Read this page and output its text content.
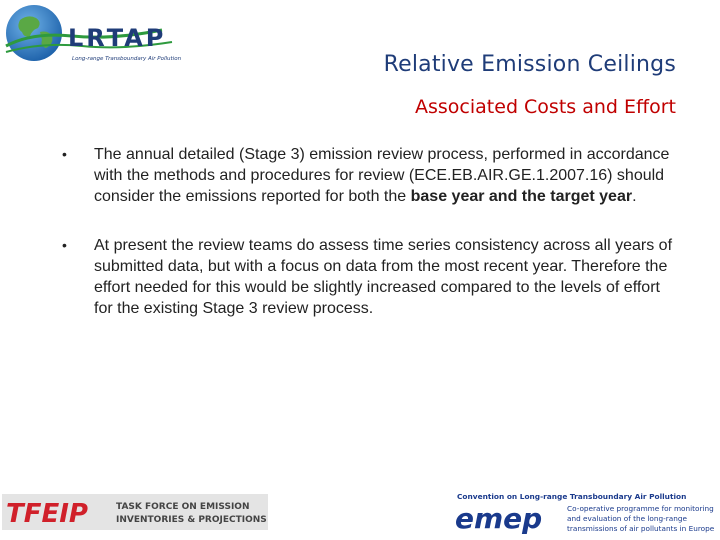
LRTAP
Long-range Transboundary Air Pollution	Relative Emission Ceilings
Associated Costs and Effort
•	The annual detailed (Stage 3) emission review process, performed in accordance with the methods and procedures for review (ECE.EB.AIR.GE.1.2007.16) should consider the emissions reported for both the base year and the target year.
•	At present the review teams do assess time series consistency across all years of submitted data, but with a focus on data from the most recent year. Therefore the effort needed for this would be slightly increased compared to the levels of effort for the existing Stage 3 review process.
TFEIP	TASK FORCE ON EMISSION
INVENTORIES & PROJECTIONS
Convention on Long-range Transboundary Air Pollution
emep	Co-operative programme for monitoring
and evaluation of the long-range
transmissions of air pollutants in Europe
